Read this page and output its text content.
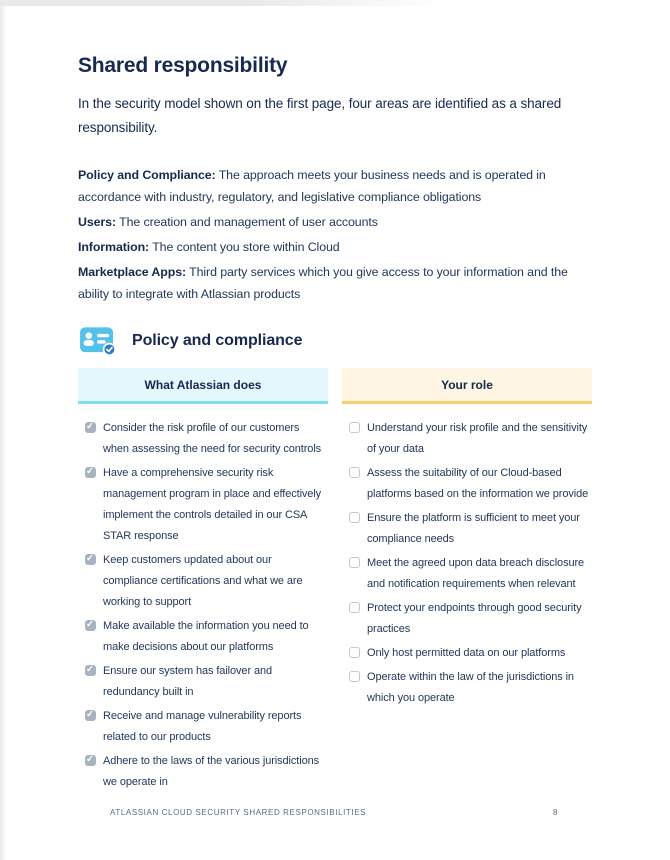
Shared responsibility

In the security model shown on the first page, four areas are identified as a shared responsibility.

Policy and Compliance: The approach meets your business needs and is operated in accordance with industry, regulatory, and legislative compliance obligations

Users: The creation and management of user accounts

Information: The content you store within Cloud

Marketplace Apps: Third party services which you give access to your information and the ability to integrate with Atlassian products

Policy and compliance
What Atlassian does
✓
Consider the risk profile of our customers when assessing the need for security controls
✓
Have a comprehensive security risk management program in place and effectively implement the controls detailed in our CSA STAR response
✓
Keep customers updated about our compliance certifications and what we are working to support
✓
Make available the information you need to make decisions about our platforms
✓
Ensure our system has failover and redundancy built in
✓
Receive and manage vulnerability reports related to our products
✓
Adhere to the laws of the various jurisdictions we operate in
Your role
Understand your risk profile and the sensitivity of your data
Assess the suitability of our Cloud-based platforms based on the information we provide
Ensure the platform is sufficient to meet your compliance needs
Meet the agreed upon data breach disclosure and notification requirements when relevant
Protect your endpoints through good security practices
Only host permitted data on our platforms
Operate within the law of the jurisdictions in which you operate
ATLASSIAN CLOUD SECURITY SHARED RESPONSIBILITIES	8
